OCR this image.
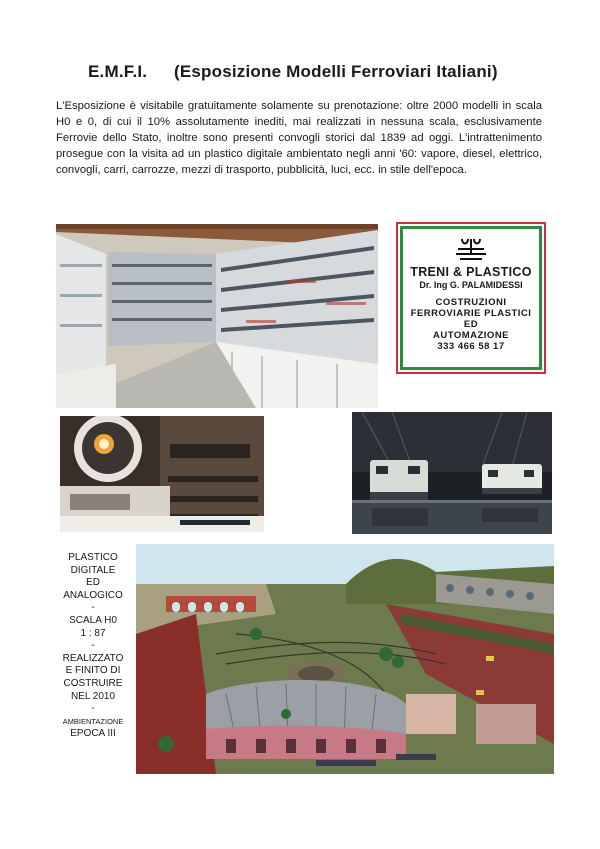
E.M.F.I. (Esposizione Modelli Ferroviari Italiani)

L'Esposizione è visitabile gratuitamente solamente su prenotazione: oltre 2000 modelli in scala H0 e 0, di cui il 10% assolutamente inediti, mai realizzati in nessuna scala, esclusivamente Ferrovie dello Stato, inoltre sono presenti convogli storici dal 1839 ad oggi. L'intrattenimento prosegue con la visita ad un plastico digitale ambientato negli anni '60: vapore, diesel, elettrico, convogli, carri, carrozze, mezzi di trasporto, pubblicità, luci, ecc. in stile dell'epoca.

TRENI & PLASTICO
Dr. Ing G. PALAMIDESSI
COSTRUZIONI
FERROVIARIE PLASTICI
ED
AUTOMAZIONE
333 466 58 17
PLASTICO
DIGITALE
ED
ANALOGICO
-
SCALA H0
1 : 87
-
REALIZZATO
E FINITO DI
COSTRUIRE
NEL 2010
-
AMBIENTAZIONE
EPOCA III
